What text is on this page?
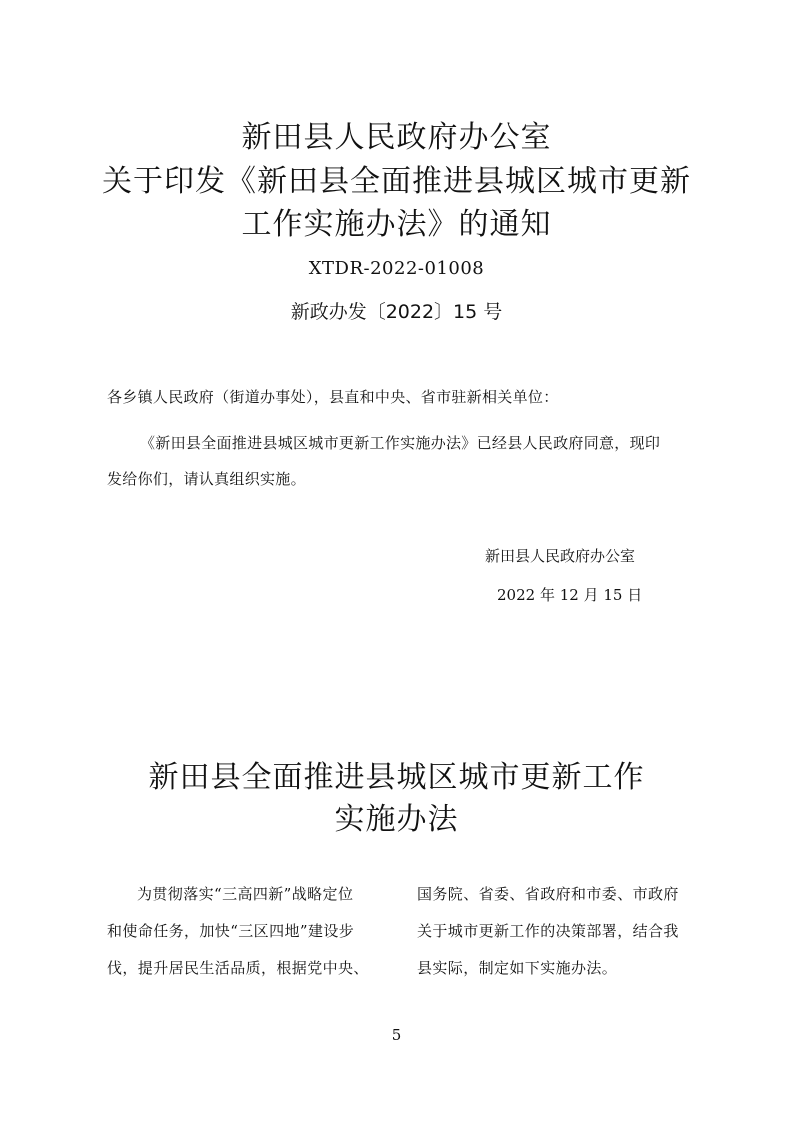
新田县人民政府办公室
关于印发《新田县全面推进县城区城市更新
工作实施办法》的通知
XTDR-2022-01008
新政办发〔2022〕15 号
各乡镇人民政府（街道办事处），县直和中央、省市驻新相关单位：
《新田县全面推进县城区城市更新工作实施办法》已经县人民政府同意，现印
发给你们，请认真组织实施。
新田县人民政府办公室
2022 年 12 月 15 日
新田县全面推进县城区城市更新工作
实施办法
为贯彻落实“三高四新”战略定位
和使命任务，加快“三区四地”建设步
伐，提升居民生活品质，根据党中央、
国务院、省委、省政府和市委、市政府
关于城市更新工作的决策部署，结合我
县实际，制定如下实施办法。
5
